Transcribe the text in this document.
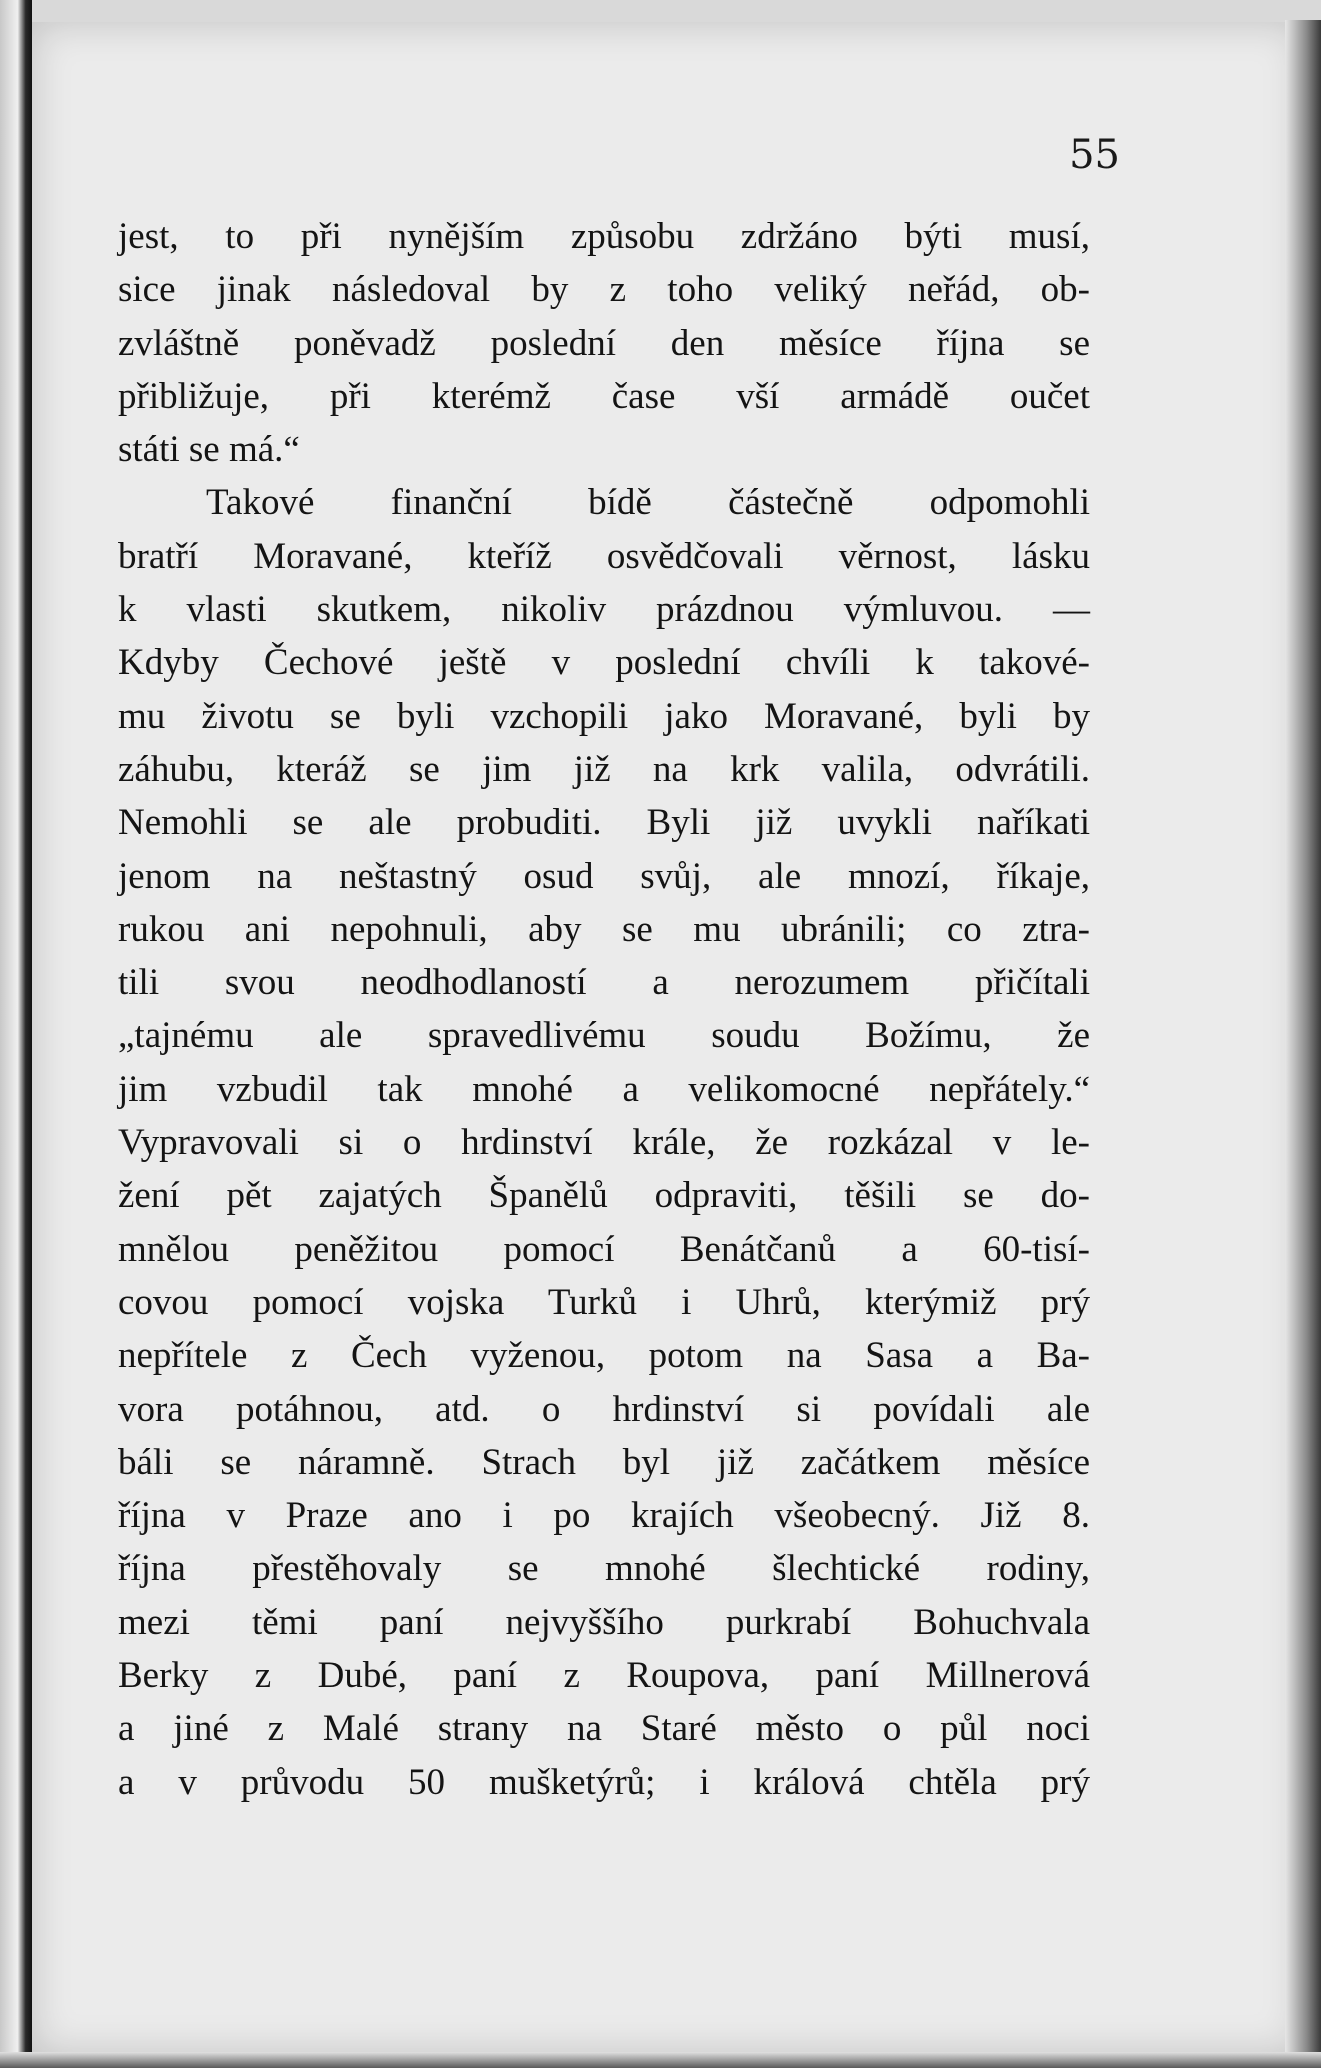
55
jest, to při nynějším způsobu zdržáno býti musí,
sice jinak následoval by z toho veliký neřád, ob-
zvláštně poněvadž poslední den měsíce října se
přibližuje, při kterémž čase vší armádě oučet
státi se má.“
Takové finanční bídě částečně odpomohli
bratří Moravané, kteříž osvědčovali věrnost, lásku
k vlasti skutkem, nikoliv prázdnou výmluvou. —
Kdyby Čechové ještě v poslední chvíli k takové-
mu životu se byli vzchopili jako Moravané, byli by
záhubu, kteráž se jim již na krk valila, odvrátili.
Nemohli se ale probuditi. Byli již uvykli naříkati
jenom na neštastný osud svůj, ale mnozí, říkaje,
rukou ani nepohnuli, aby se mu ubránili; co ztra-
tili svou neodhodlaností a nerozumem přičítali
„tajnému ale spravedlivému soudu Božímu, že
jim vzbudil tak mnohé a velikomocné nepřátely.“
Vypravovali si o hrdinství krále, že rozkázal v le-
žení pět zajatých Španělů odpraviti, těšili se do-
mnělou peněžitou pomocí Benátčanů a 60-tisí-
covou pomocí vojska Turků i Uhrů, kterýmiž prý
nepřítele z Čech vyženou, potom na Sasa a Ba-
vora potáhnou, atd. o hrdinství si povídali ale
báli se náramně. Strach byl již začátkem měsíce
října v Praze ano i po krajích všeobecný. Již 8.
října přestěhovaly se mnohé šlechtické rodiny,
mezi těmi paní nejvyššího purkrabí Bohuchvala
Berky z Dubé, paní z Roupova, paní Millnerová
a jiné z Malé strany na Staré město o půl noci
a v průvodu 50 mušketýrů; i králová chtěla prý
